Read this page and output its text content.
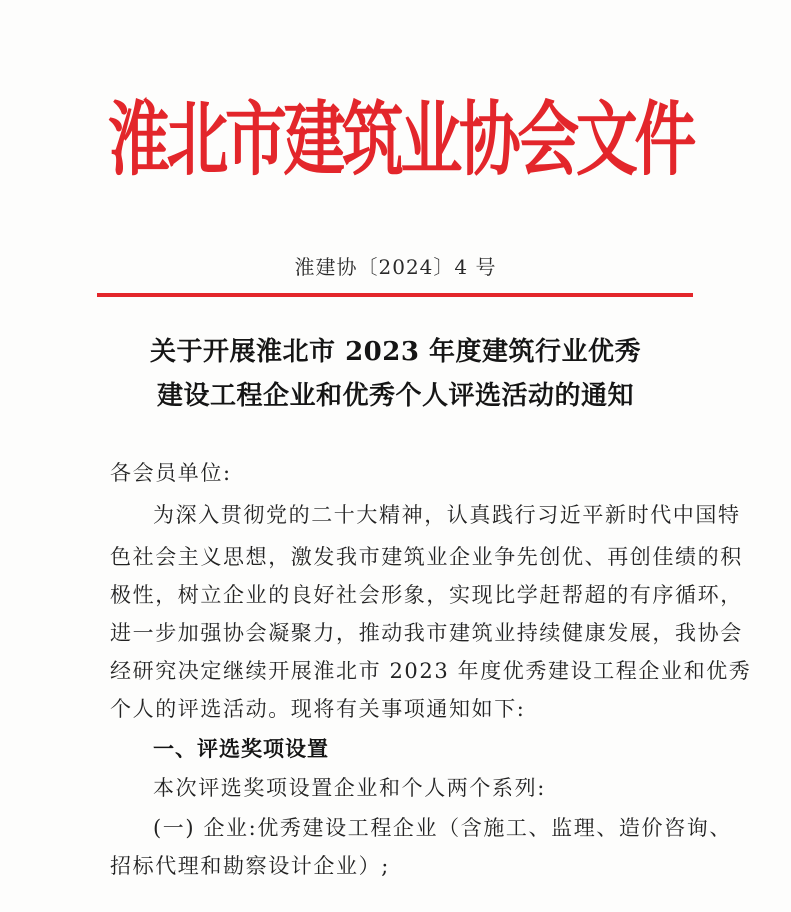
淮北市建筑业协会文件
淮建协〔2024〕4 号
关于开展淮北市 2023 年度建筑行业优秀
建设工程企业和优秀个人评选活动的通知
各会员单位:
为深入贯彻党的二十大精神，认真践行习近平新时代中国特
色社会主义思想，激发我市建筑业企业争先创优、再创佳绩的积
极性，树立企业的良好社会形象，实现比学赶帮超的有序循环，
进一步加强协会凝聚力，推动我市建筑业持续健康发展，我协会
经研究决定继续开展淮北市 2023 年度优秀建设工程企业和优秀
个人的评选活动。现将有关事项通知如下:
一、评选奖项设置
本次评选奖项设置企业和个人两个系列:
(一) 企业:优秀建设工程企业（含施工、监理、造价咨询、
招标代理和勘察设计企业）;
